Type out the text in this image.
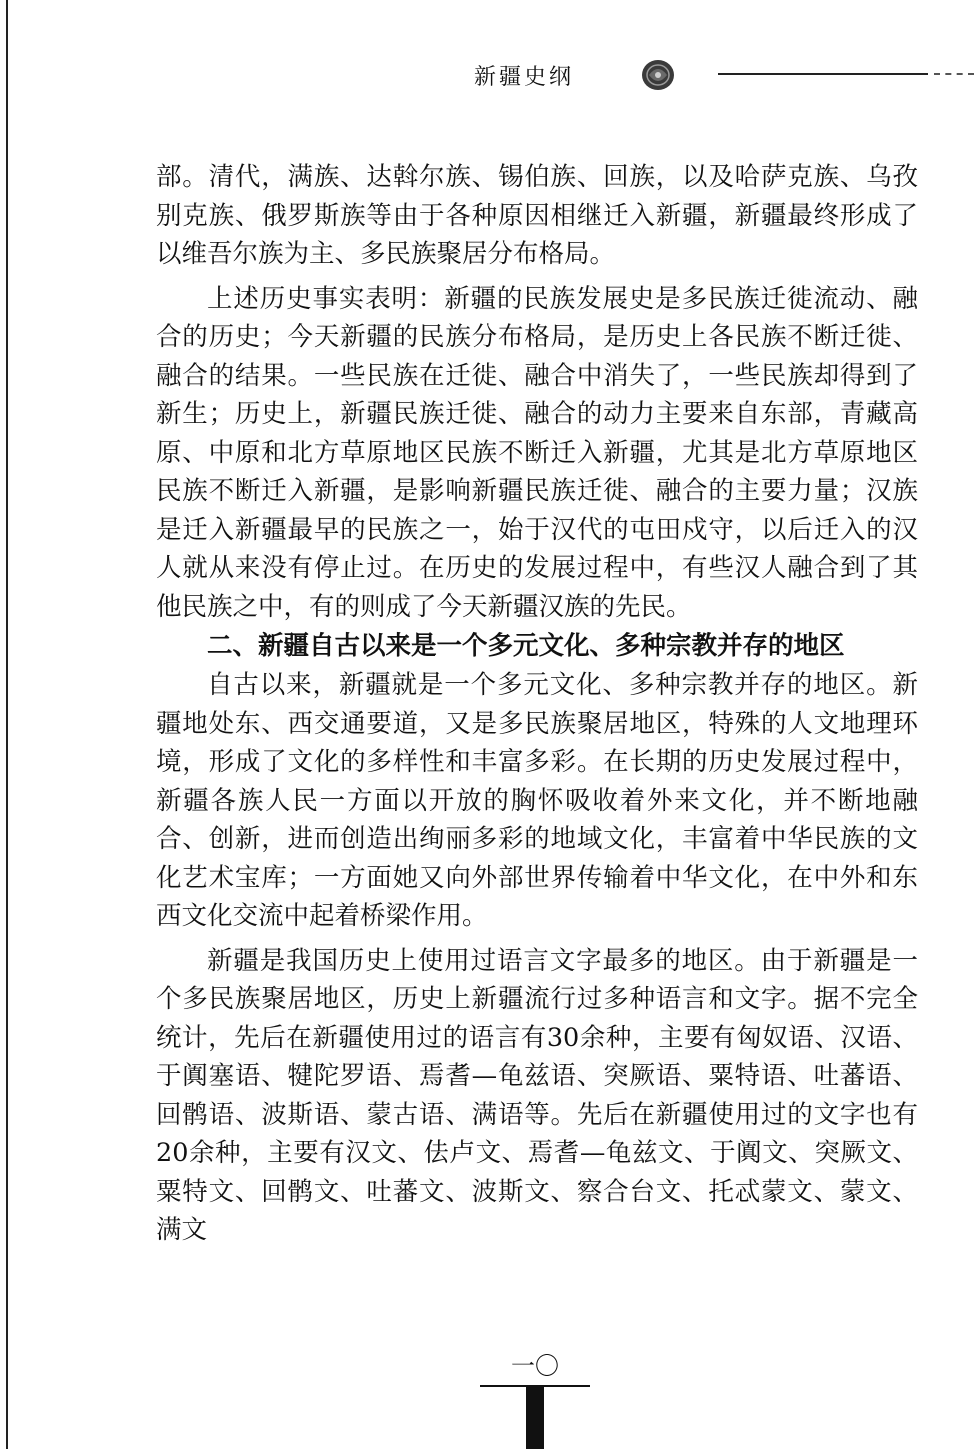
新疆史纲

部。清代，满族、达斡尔族、锡伯族、回族，以及哈萨克族、乌孜别克族、俄罗斯族等由于各种原因相继迁入新疆，新疆最终形成了以维吾尔族为主、多民族聚居分布格局。

上述历史事实表明：新疆的民族发展史是多民族迁徙流动、融合的历史；今天新疆的民族分布格局，是历史上各民族不断迁徙、融合的结果。一些民族在迁徙、融合中消失了，一些民族却得到了新生；历史上，新疆民族迁徙、融合的动力主要来自东部，青藏高原、中原和北方草原地区民族不断迁入新疆，尤其是北方草原地区民族不断迁入新疆，是影响新疆民族迁徙、融合的主要力量；汉族是迁入新疆最早的民族之一，始于汉代的屯田戍守，以后迁入的汉人就从来没有停止过。在历史的发展过程中，有些汉人融合到了其他民族之中，有的则成了今天新疆汉族的先民。

二、新疆自古以来是一个多元文化、多种宗教并存的地区

自古以来，新疆就是一个多元文化、多种宗教并存的地区。新疆地处东、西交通要道，又是多民族聚居地区，特殊的人文地理环境，形成了文化的多样性和丰富多彩。在长期的历史发展过程中，新疆各族人民一方面以开放的胸怀吸收着外来文化，并不断地融合、创新，进而创造出绚丽多彩的地域文化，丰富着中华民族的文化艺术宝库；一方面她又向外部世界传输着中华文化，在中外和东西文化交流中起着桥梁作用。

新疆是我国历史上使用过语言文字最多的地区。由于新疆是一个多民族聚居地区，历史上新疆流行过多种语言和文字。据不完全统计，先后在新疆使用过的语言有30余种，主要有匈奴语、汉语、于阗塞语、犍陀罗语、焉耆—龟兹语、突厥语、粟特语、吐蕃语、回鹘语、波斯语、蒙古语、满语等。先后在新疆使用过的文字也有20余种，主要有汉文、佉卢文、焉耆—龟兹文、于阗文、突厥文、粟特文、回鹘文、吐蕃文、波斯文、察合台文、托忒蒙文、蒙文、满文

一〇
